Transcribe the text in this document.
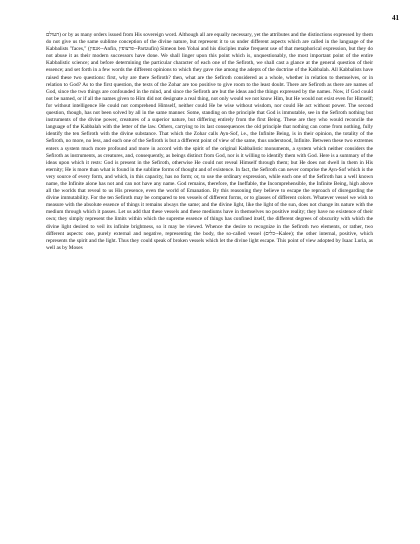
41

העולם) or by as many orders issued from His sovereign word. Although all are equally necessary, yet the attributes and the distinctions expressed by them do not give us the same sublime conception of the divine nature, but represent it to us under different aspects which are called in the language of the Kabbalists "faces," (אנפין--Anfin, פרצופין--Partzufin) Simeon ben Yohai and his disciples make frequent use of that metaphorical expression, but they do not abuse it as their modern successors have done. We shall linger upon this point which is, unquestionably, the most important point of the entire Kabbalistic science; and before determining the particular character of each one of the Sefiroth, we shall cast a glance at the general question of their essence; and set forth in a few words the different opinions to which they gave rise among the adepts of the doctrine of the Kabbalah. All Kabbalists have raised these two questions: first, why are there Sefiroth? then, what are the Sefiroth considered as a whole, whether in relation to themselves, or in relation to God? As to the first question, the texts of the Zohar are too positive to give room to the least doubt. There are Sefiroth as there are names of God, since the two things are confounded in the mind, and since the Sefiroth are but the ideas and the things expressed by the names. Now, if God could not be named, or if all the names given to Him did not designate a real thing, not only would we not know Him, but He would not exist even for Himself; for without intelligence He could not comprehend Himself, neither could He be wise without wisdom, nor could He act without power. The second question, though, has not been solved by all in the same manner. Some, standing on the principle that God is immutable, see in the Sefiroth nothing but instruments of the divine power, creatures of a superior nature, but differing entirely from the first Being. These are they who would reconcile the language of the Kabbalah with the letter of the law. Others, carrying to its last consequences the old principle that nothing can come from nothing, fully identify the ten Sefiroth with the divine substance. That which the Zohar calls Ayn-Sof, i.e., the Infinite Being, is in their opinion, the totality of the Sefiroth, no more, no less, and each one of the Sefiroth is but a different point of view of the same, thus understood, Infinite. Between these two extremes enters a system much more profound and more in accord with the spirit of the original Kabbalistic monuments, a system which neither considers the Sefiroth as instruments, as creatures, and, consequently, as beings distinct from God, nor is it willing to identify them with God. Here is a summary of the ideas upon which it rests: God is present in the Sefiroth, otherwise He could not reveal Himself through them; but He does not dwell in them in His eternity; He is more than what is found in the sublime forms of thought and of existence. In fact, the Sefiroth can never comprise the Ayn-Sof which is the very source of every form, and which, in this capacity, has no form; or, to use the ordinary expression, while each one of the Sefiroth has a well known name, the Infinite alone has not and can not have any name. God remains, therefore, the Ineffable, the Incomprehensible, the Infinite Being, high above all the worlds that reveal to us His presence, even the world of Emanation. By this reasoning they believe to escape the reproach of disregarding the divine immutability. For the ten Sefiroth may be compared to ten vessels of different forms, or to glasses of different colors. Whatever vessel we wish to measure with the absolute essence of things it remains always the same; and the divine light, like the light of the sun, does not change its nature with the medium through which it passes. Let us add that these vessels and these mediums have in themselves no positive reality; they have no existence of their own; they simply represent the limits within which the supreme essence of things has confined itself, the different degrees of obscurity with which the divine light desired to veil its infinite brightness, so it may be viewed. Whence the desire to recognize in the Sefiroth two elements, or rather, two different aspects: one, purely external and negative, representing the body, the so-called vessel (כלים--Kalee); the other internal, positive, which represents the spirit and the light. Thus they could speak of broken vessels which let the divine light escape. This point of view adopted by Isaac Luria, as well as by Moses
